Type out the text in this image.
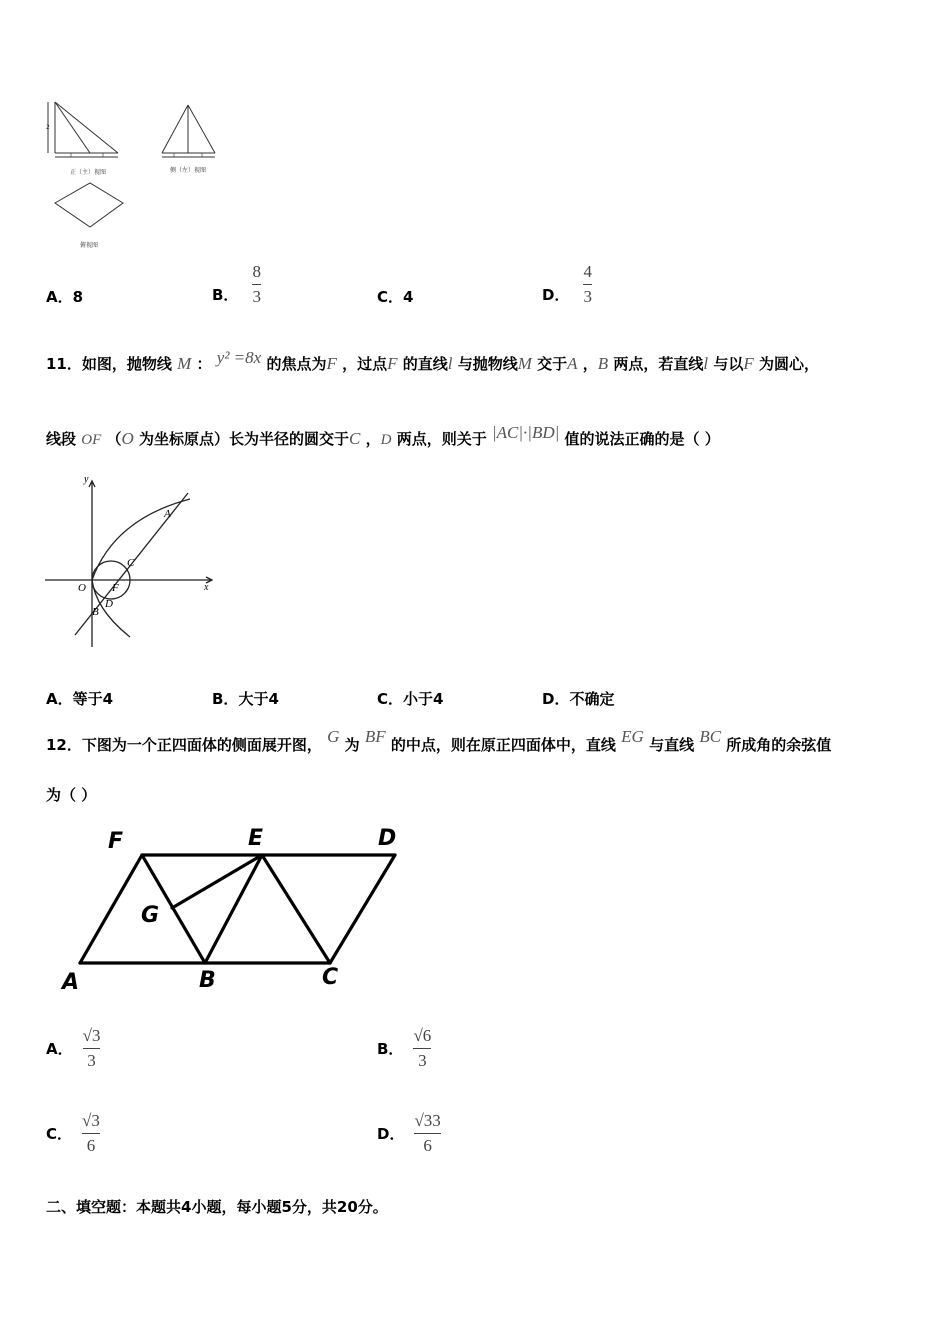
2
1	1	1	1
正（主）视图	侧（左）视图
俯视图
A．8	B． $\frac{8}{3}$	C．4	D． $\frac{4}{3}$
11．如图，抛物线 M ： y² =8x 的焦点为F ，过点F 的直线l 与抛物线M 交于A ，B 两点，若直线l 与以F 为圆心，
线段 OF （O 为坐标原点）长为半径的圆交于C ，D 两点，则关于 |AC|·|BD| 值的说法正确的是（ ）
y
x
O F
A
C
D
B
A．等于4	B．大于4	C．小于4	D．不确定
12．下图为一个正四面体的侧面展开图， G 为 BF 的中点，则在原正四面体中，直线 EG 与直线 BC 所成角的余弦值
为（ ）
F	E	D
G
A	B	C
A． $\frac{√3}{3}$	B． $\frac{√6}{3}$
C． $\frac{√3}{6}$	D． $\frac{√33}{6}$
二、填空题：本题共4小题，每小题5分，共20分。
